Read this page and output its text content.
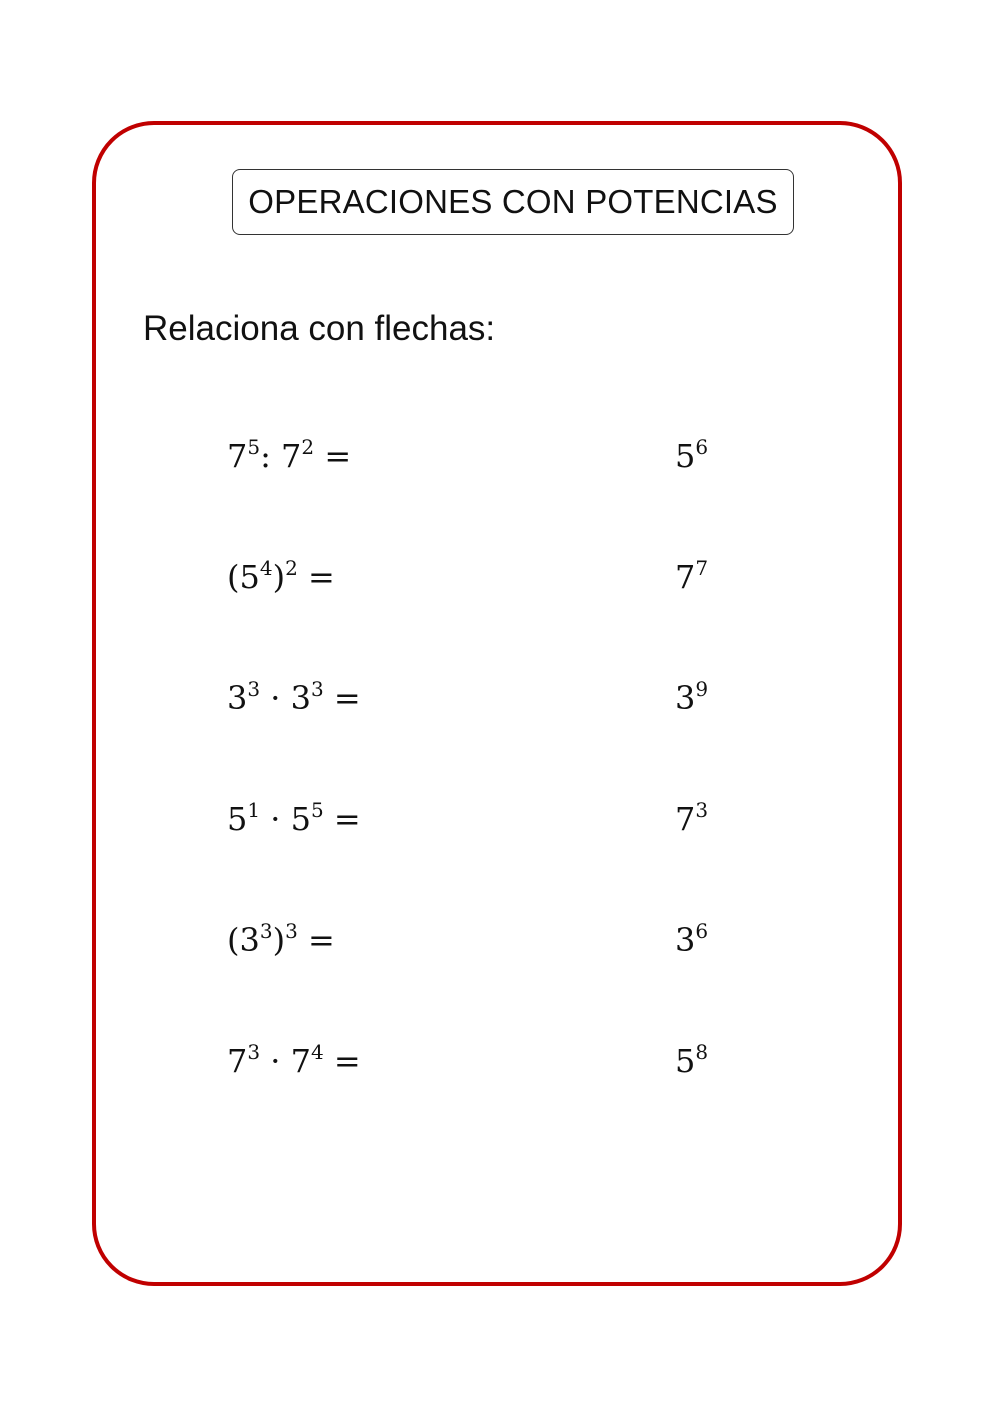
OPERACIONES CON POTENCIAS
Relaciona con flechas:
$7^5$: $7^2$ =
$(5^4)^2$ =
$3^3 \cdot 3^3$ =
$5^1 \cdot 5^5$ =
$(3^3)^3$ =
$7^3 \cdot 7^4$ =
$5^6$
$7^7$
$3^9$
$7^3$
$3^6$
$5^8$
